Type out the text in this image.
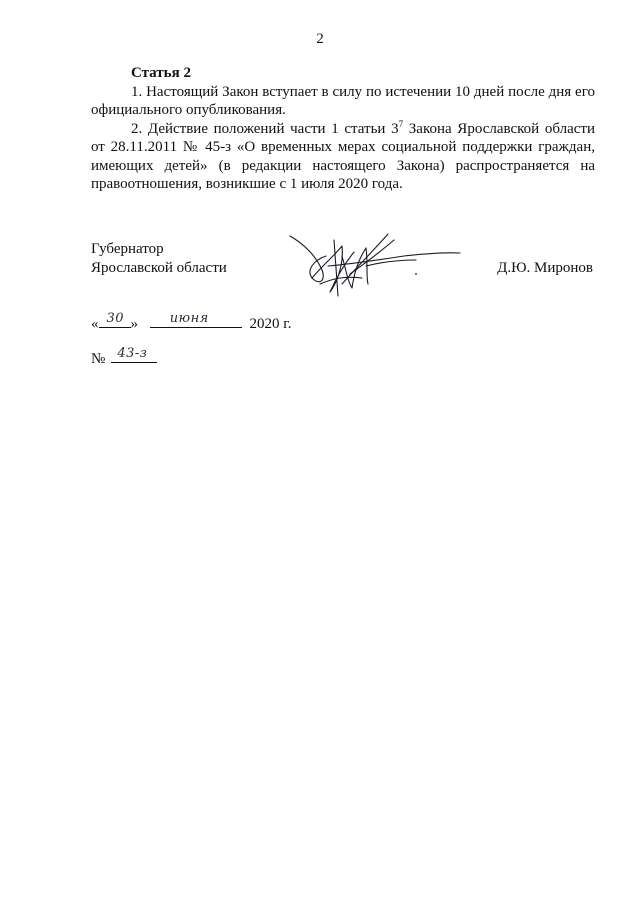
2

Статья 2

1. Настоящий Закон вступает в силу по истечении 10 дней после дня его официального опубликования.

2. Действие положений части 1 статьи $3^7$ Закона Ярославской области от 28.11.2011 № 45-з «О временных мерах социальной поддержки граждан, имеющих детей» (в редакции настоящего Закона) распространяется на правоотношения, возникшие с 1 июля 2020 года.

Губернатор
Ярославской области	Д.Ю. Миронов
« 30 » июня	2020 г.
№ 43-з
